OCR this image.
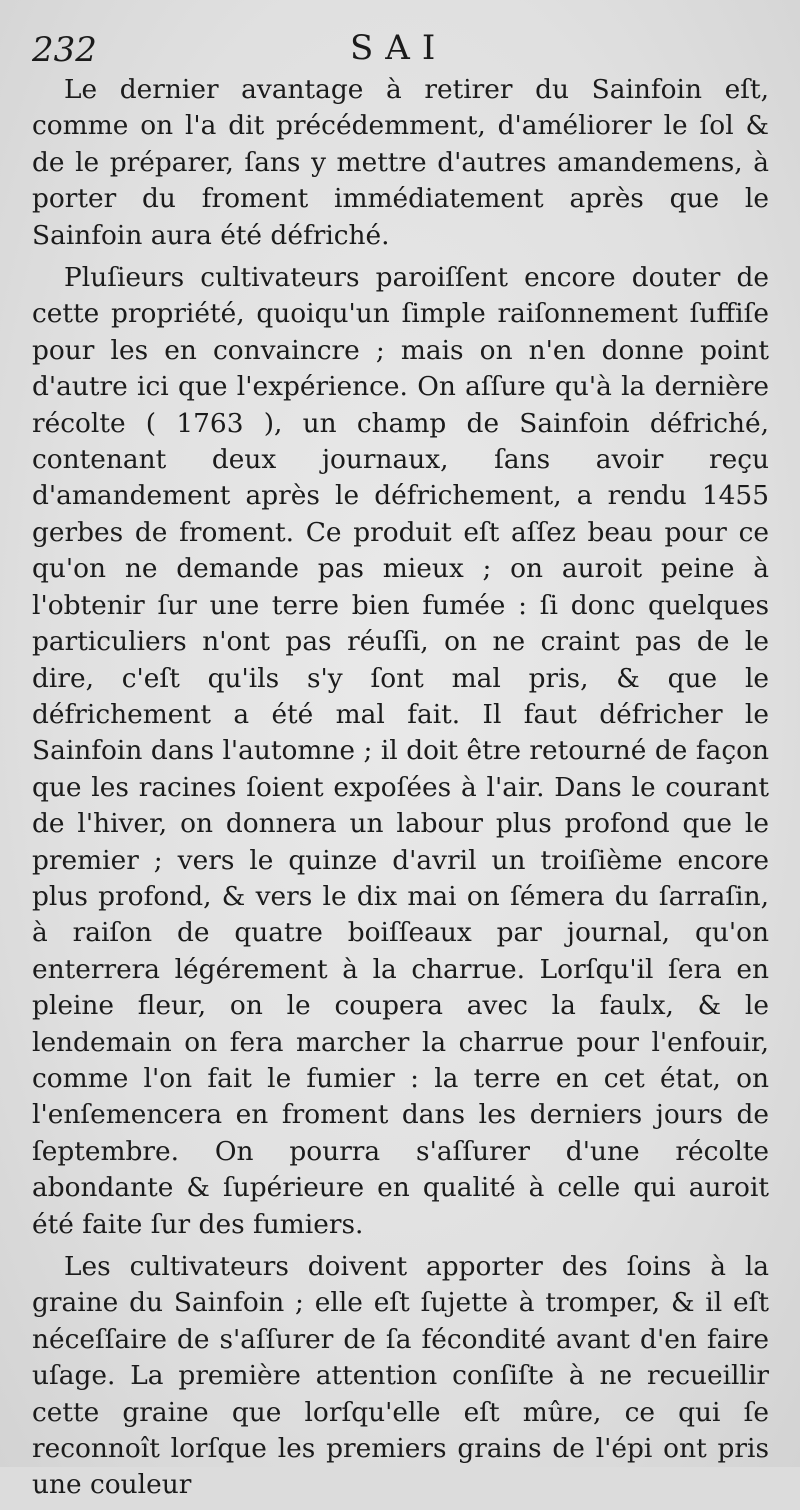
232	SAI

Le dernier avantage à retirer du Sainfoin eſt, comme on l'a dit précédemment, d'améliorer le ſol & de le préparer, ſans y mettre d'autres amandemens, à porter du froment immédiatement après que le Sainfoin aura été défriché.

Pluſieurs cultivateurs paroiſſent encore douter de cette propriété, quoiqu'un ſimple raiſonnement ſuffiſe pour les en convaincre ; mais on n'en donne point d'autre ici que l'expérience. On aſſure qu'à la dernière récolte ( 1763 ), un champ de Sainfoin défriché, contenant deux journaux, ſans avoir reçu d'amandement après le défrichement, a rendu 1455 gerbes de froment. Ce produit eſt aſſez beau pour ce qu'on ne demande pas mieux ; on auroit peine à l'obtenir ſur une terre bien fumée : ſi donc quelques particuliers n'ont pas réuſſi, on ne craint pas de le dire, c'eſt qu'ils s'y ſont mal pris, & que le défrichement a été mal fait. Il faut défricher le Sainfoin dans l'automne ; il doit être retourné de façon que les racines ſoient expoſées à l'air. Dans le courant de l'hiver, on donnera un labour plus profond que le premier ; vers le quinze d'avril un troiſième encore plus profond, & vers le dix mai on ſémera du ſarraſin, à raiſon de quatre boiſſeaux par journal, qu'on enterrera légérement à la charrue. Lorſqu'il ſera en pleine fleur, on le coupera avec la faulx, & le lendemain on fera marcher la charrue pour l'enfouir, comme l'on fait le fumier : la terre en cet état, on l'enſemencera en froment dans les derniers jours de ſeptembre. On pourra s'aſſurer d'une récolte abondante & ſupérieure en qualité à celle qui auroit été faite ſur des fumiers.

Les cultivateurs doivent apporter des ſoins à la graine du Sainfoin ; elle eſt ſujette à tromper, & il eſt néceſſaire de s'aſſurer de ſa fécondité avant d'en faire uſage. La première attention conſiſte à ne recueillir cette graine que lorſqu'elle eſt mûre, ce qui ſe reconnoît lorſque les premiers grains de l'épi ont pris une couleur
